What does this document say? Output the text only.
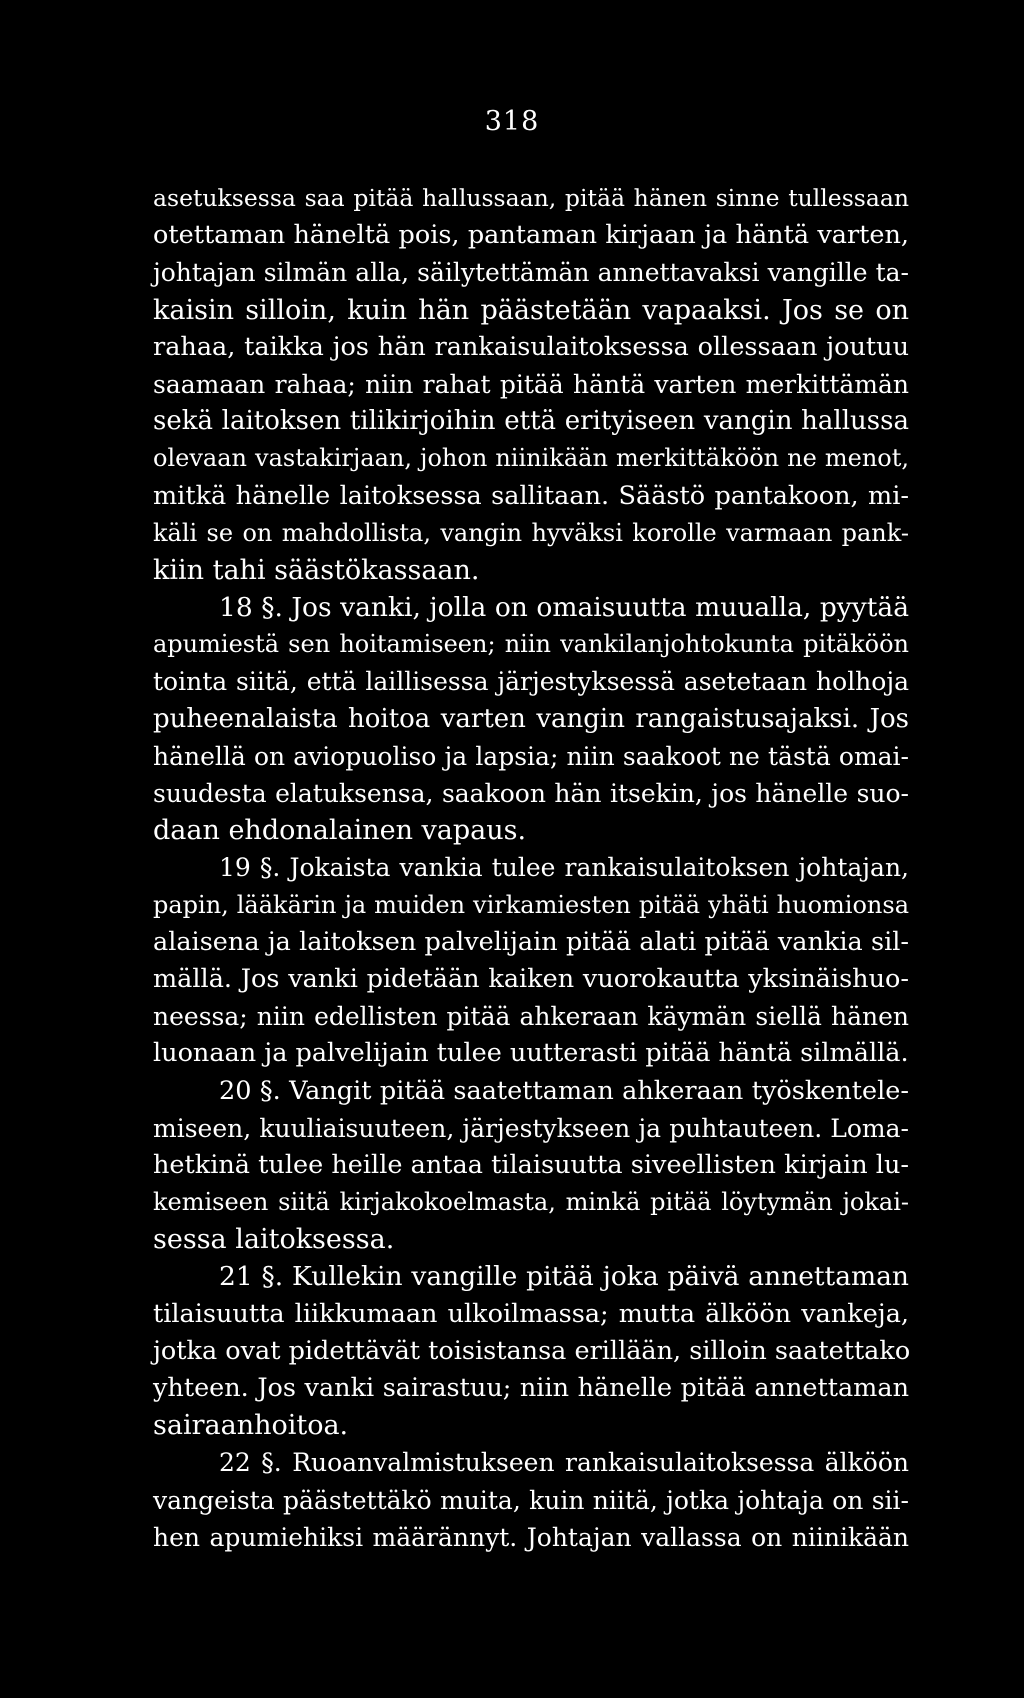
318
asetuksessa saa pitää hallussaan, pitää hänen sinne tullessaan
otettaman häneltä pois, pantaman kirjaan ja häntä varten,
johtajan silmän alla, säilytettämän annettavaksi vangille ta-
kaisin silloin, kuin hän päästetään vapaaksi. Jos se on
rahaa, taikka jos hän rankaisulaitoksessa ollessaan joutuu
saamaan rahaa; niin rahat pitää häntä varten merkittämän
sekä laitoksen tilikirjoihin että erityiseen vangin hallussa
olevaan vastakirjaan, johon niinikään merkittäköön ne menot,
mitkä hänelle laitoksessa sallitaan. Säästö pantakoon, mi-
käli se on mahdollista, vangin hyväksi korolle varmaan pank-
kiin tahi säästökassaan.
18 §. Jos vanki, jolla on omaisuutta muualla, pyytää
apumiestä sen hoitamiseen; niin vankilanjohtokunta pitäköön
tointa siitä, että laillisessa järjestyksessä asetetaan holhoja
puheenalaista hoitoa varten vangin rangaistusajaksi. Jos
hänellä on aviopuoliso ja lapsia; niin saakoot ne tästä omai-
suudesta elatuksensa, saakoon hän itsekin, jos hänelle suo-
daan ehdonalainen vapaus.
19 §. Jokaista vankia tulee rankaisulaitoksen johtajan,
papin, lääkärin ja muiden virkamiesten pitää yhäti huomionsa
alaisena ja laitoksen palvelijain pitää alati pitää vankia sil-
mällä. Jos vanki pidetään kaiken vuorokautta yksinäishuo-
neessa; niin edellisten pitää ahkeraan käymän siellä hänen
luonaan ja palvelijain tulee uutterasti pitää häntä silmällä.
20 §. Vangit pitää saatettaman ahkeraan työskentele-
miseen, kuuliaisuuteen, järjestykseen ja puhtauteen. Loma-
hetkinä tulee heille antaa tilaisuutta siveellisten kirjain lu-
kemiseen siitä kirjakokoelmasta, minkä pitää löytymän jokai-
sessa laitoksessa.
21 §. Kullekin vangille pitää joka päivä annettaman
tilaisuutta liikkumaan ulkoilmassa; mutta älköön vankeja,
jotka ovat pidettävät toisistansa erillään, silloin saatettako
yhteen. Jos vanki sairastuu; niin hänelle pitää annettaman
sairaanhoitoa.
22 §. Ruoanvalmistukseen rankaisulaitoksessa älköön
vangeista päästettäkö muita, kuin niitä, jotka johtaja on sii-
hen apumiehiksi määrännyt. Johtajan vallassa on niinikään
